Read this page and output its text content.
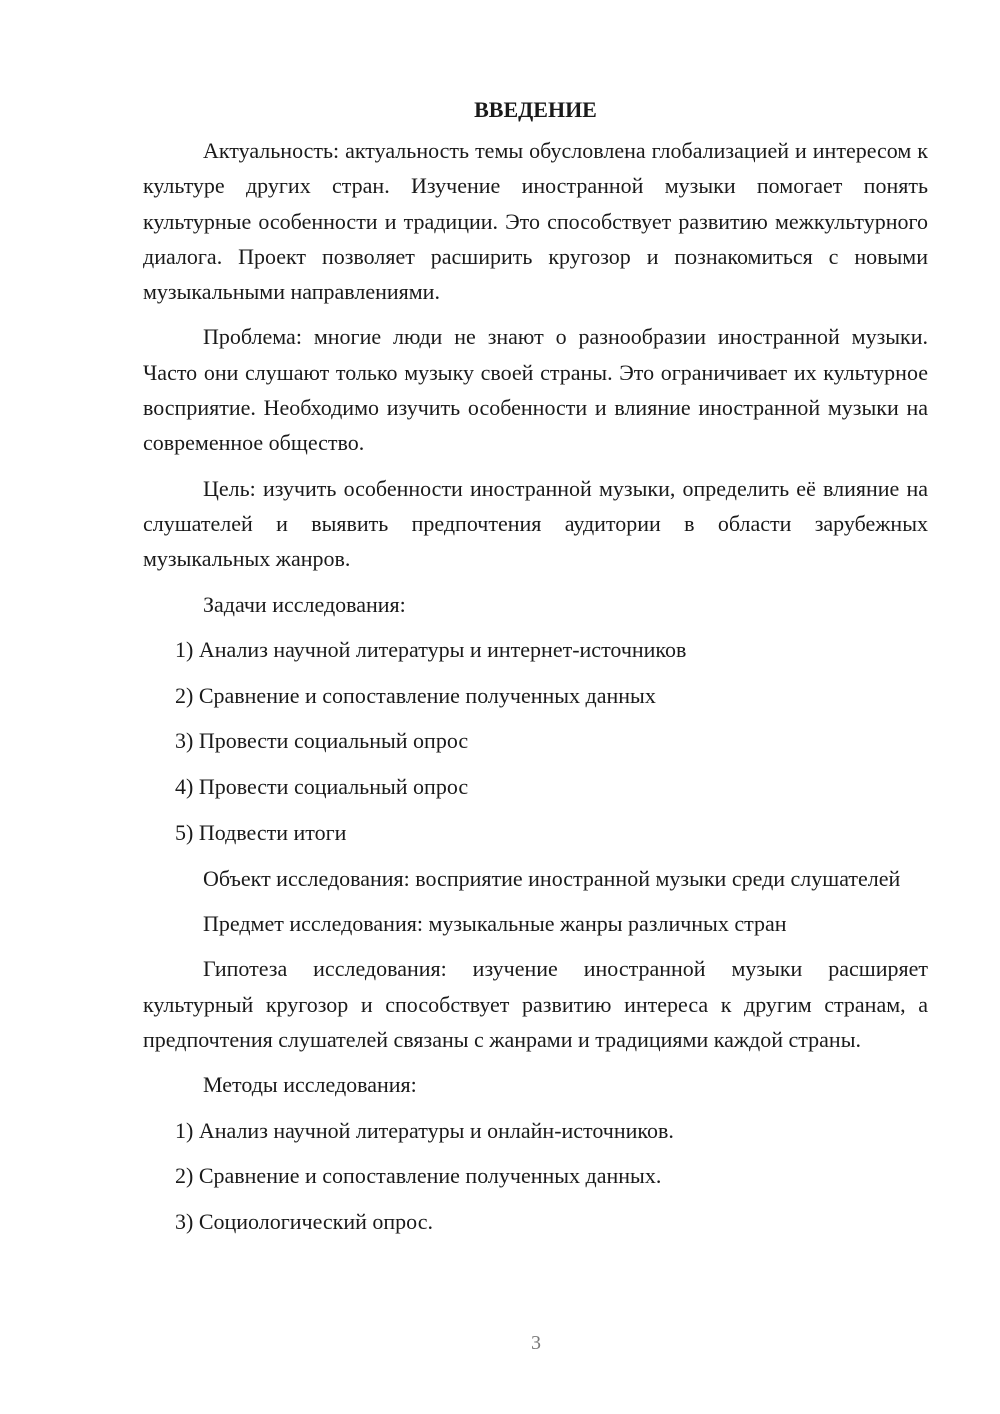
ВВЕДЕНИЕ

Актуальность: актуальность темы обусловлена глобализацией и интересом к культуре других стран. Изучение иностранной музыки помогает понять культурные особенности и традиции. Это способствует развитию межкультурного диалога. Проект позволяет расширить кругозор и познакомиться с новыми музыкальными направлениями.

Проблема: многие люди не знают о разнообразии иностранной музыки. Часто они слушают только музыку своей страны. Это ограничивает их культурное восприятие. Необходимо изучить особенности и влияние иностранной музыки на современное общество.

Цель: изучить особенности иностранной музыки, определить её влияние на слушателей и выявить предпочтения аудитории в области зарубежных музыкальных жанров.

Задачи исследования:

1) Анализ научной литературы и интернет-источников
2) Сравнение и сопоставление полученных данных
3) Провести социальный опрос
4) Провести социальный опрос
5) Подвести итоги

Объект исследования: восприятие иностранной музыки среди слушателей

Предмет исследования: музыкальные жанры различных стран

Гипотеза исследования: изучение иностранной музыки расширяет культурный кругозор и способствует развитию интереса к другим странам, а предпочтения слушателей связаны с жанрами и традициями каждой страны.

Методы исследования:

1) Анализ научной литературы и онлайн-источников.
2) Сравнение и сопоставление полученных данных.
3) Социологический опрос.
3
